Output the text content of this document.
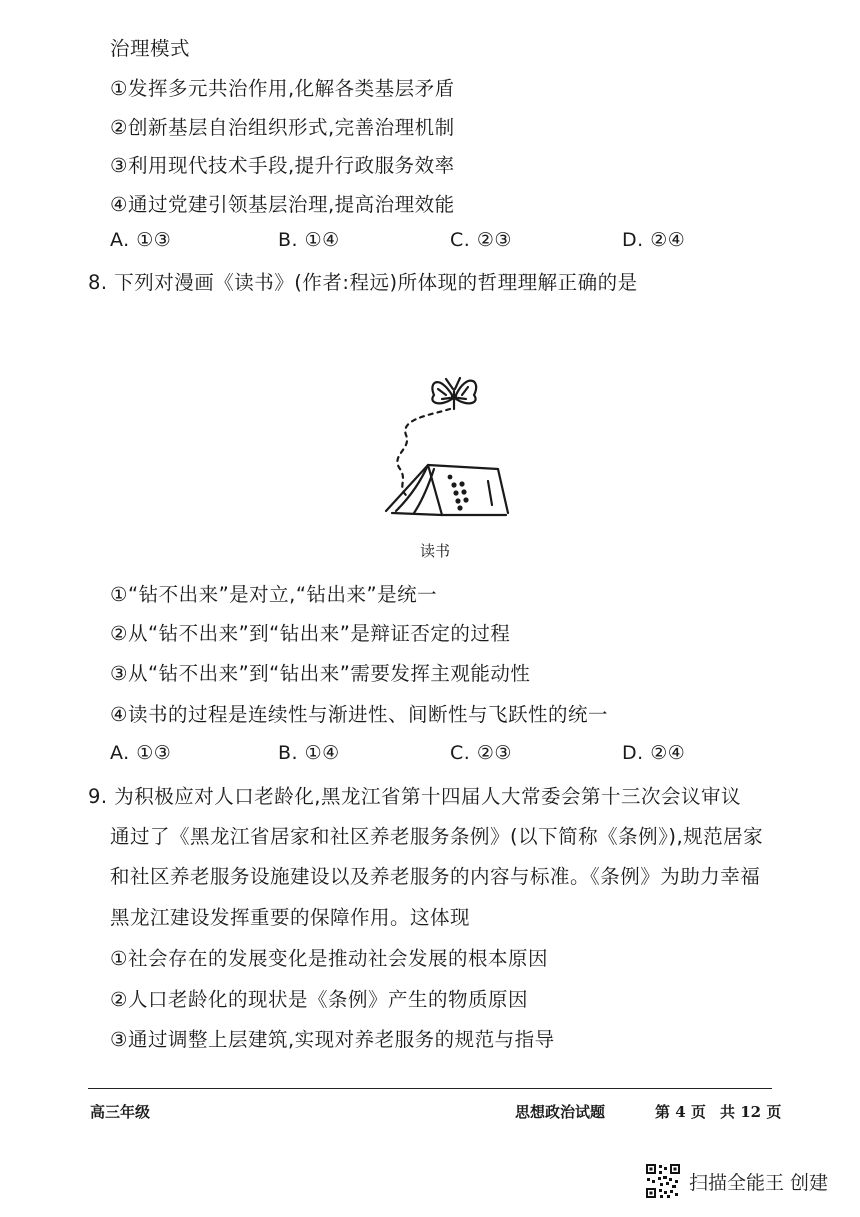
治理模式
①发挥多元共治作用,化解各类基层矛盾
②创新基层自治组织形式,完善治理机制
③利用现代技术手段,提升行政服务效率
④通过党建引领基层治理,提高治理效能
A. ①③	B. ①④	C. ②③	D. ②④
8. 下列对漫画《读书》(作者:程远)所体现的哲理理解正确的是
读书
①“钻不出来”是对立,“钻出来”是统一
②从“钻不出来”到“钻出来”是辩证否定的过程
③从“钻不出来”到“钻出来”需要发挥主观能动性
④读书的过程是连续性与渐进性、间断性与飞跃性的统一
A. ①③	B. ①④	C. ②③	D. ②④
9. 为积极应对人口老龄化,黑龙江省第十四届人大常委会第十三次会议审议
通过了《黑龙江省居家和社区养老服务条例》(以下简称《条例》),规范居家
和社区养老服务设施建设以及养老服务的内容与标准。《条例》为助力幸福
黑龙江建设发挥重要的保障作用。这体现
①社会存在的发展变化是推动社会发展的根本原因
②人口老龄化的现状是《条例》产生的物质原因
③通过调整上层建筑,实现对养老服务的规范与指导
高三年级	思想政治试题	第 4 页 共 12 页
扫描全能王 创建
